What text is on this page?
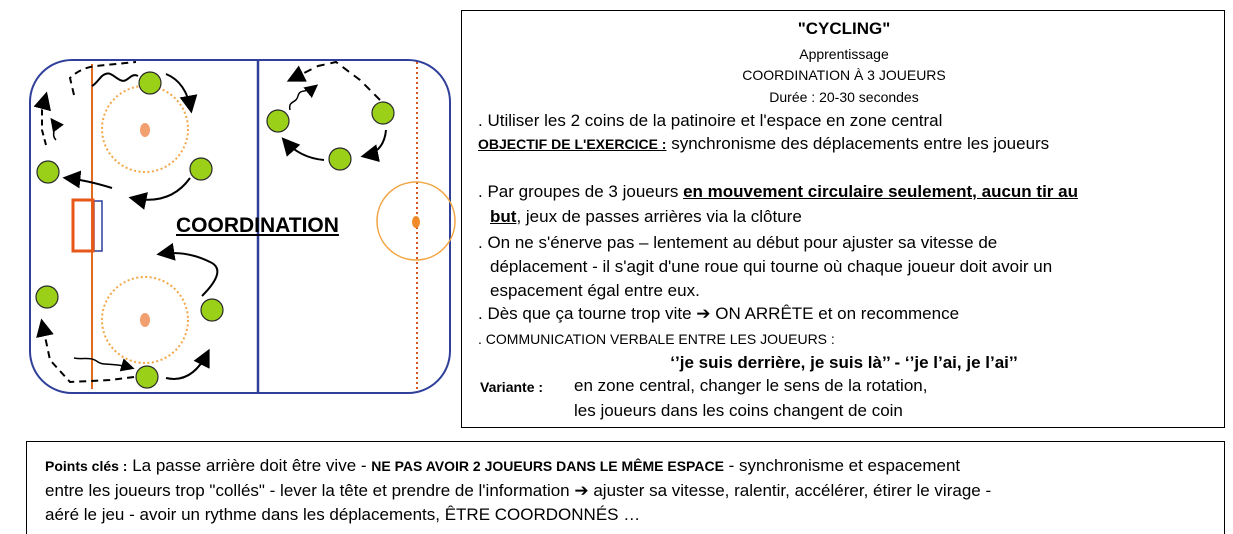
COORDINATION
"CYCLING"
Apprentissage
COORDINATION À 3 JOUEURS
Durée : 20-30 secondes
. Utiliser les 2 coins de la patinoire et l'espace en zone central
OBJECTIF DE L'EXERCICE : synchronisme des déplacements entre les joueurs
. Par groupes de 3 joueurs en mouvement circulaire seulement, aucun tir au
but, jeux de passes arrières via la clôture
. On ne s'énerve pas – lentement au début pour ajuster sa vitesse de
déplacement - il s'agit d'une roue qui tourne où chaque joueur doit avoir un
espacement égal entre eux.
. Dès que ça tourne trop vite ➔ ON ARRÊTE et on recommence
. COMMUNICATION VERBALE ENTRE LES JOUEURS :
‘’je suis derrière, je suis là’’ - ‘’je l’ai, je l’ai’’
Variante : en zone central, changer le sens de la rotation,
les joueurs dans les coins changent de coin
Points clés : La passe arrière doit être vive - NE PAS AVOIR 2 JOUEURS DANS LE MÊME ESPACE - synchronisme et espacement
entre les joueurs trop "collés" - lever la tête et prendre de l'information ➔ ajuster sa vitesse, ralentir, accélérer, étirer le virage -
aéré le jeu - avoir un rythme dans les déplacements, ÊTRE COORDONNÉS …
